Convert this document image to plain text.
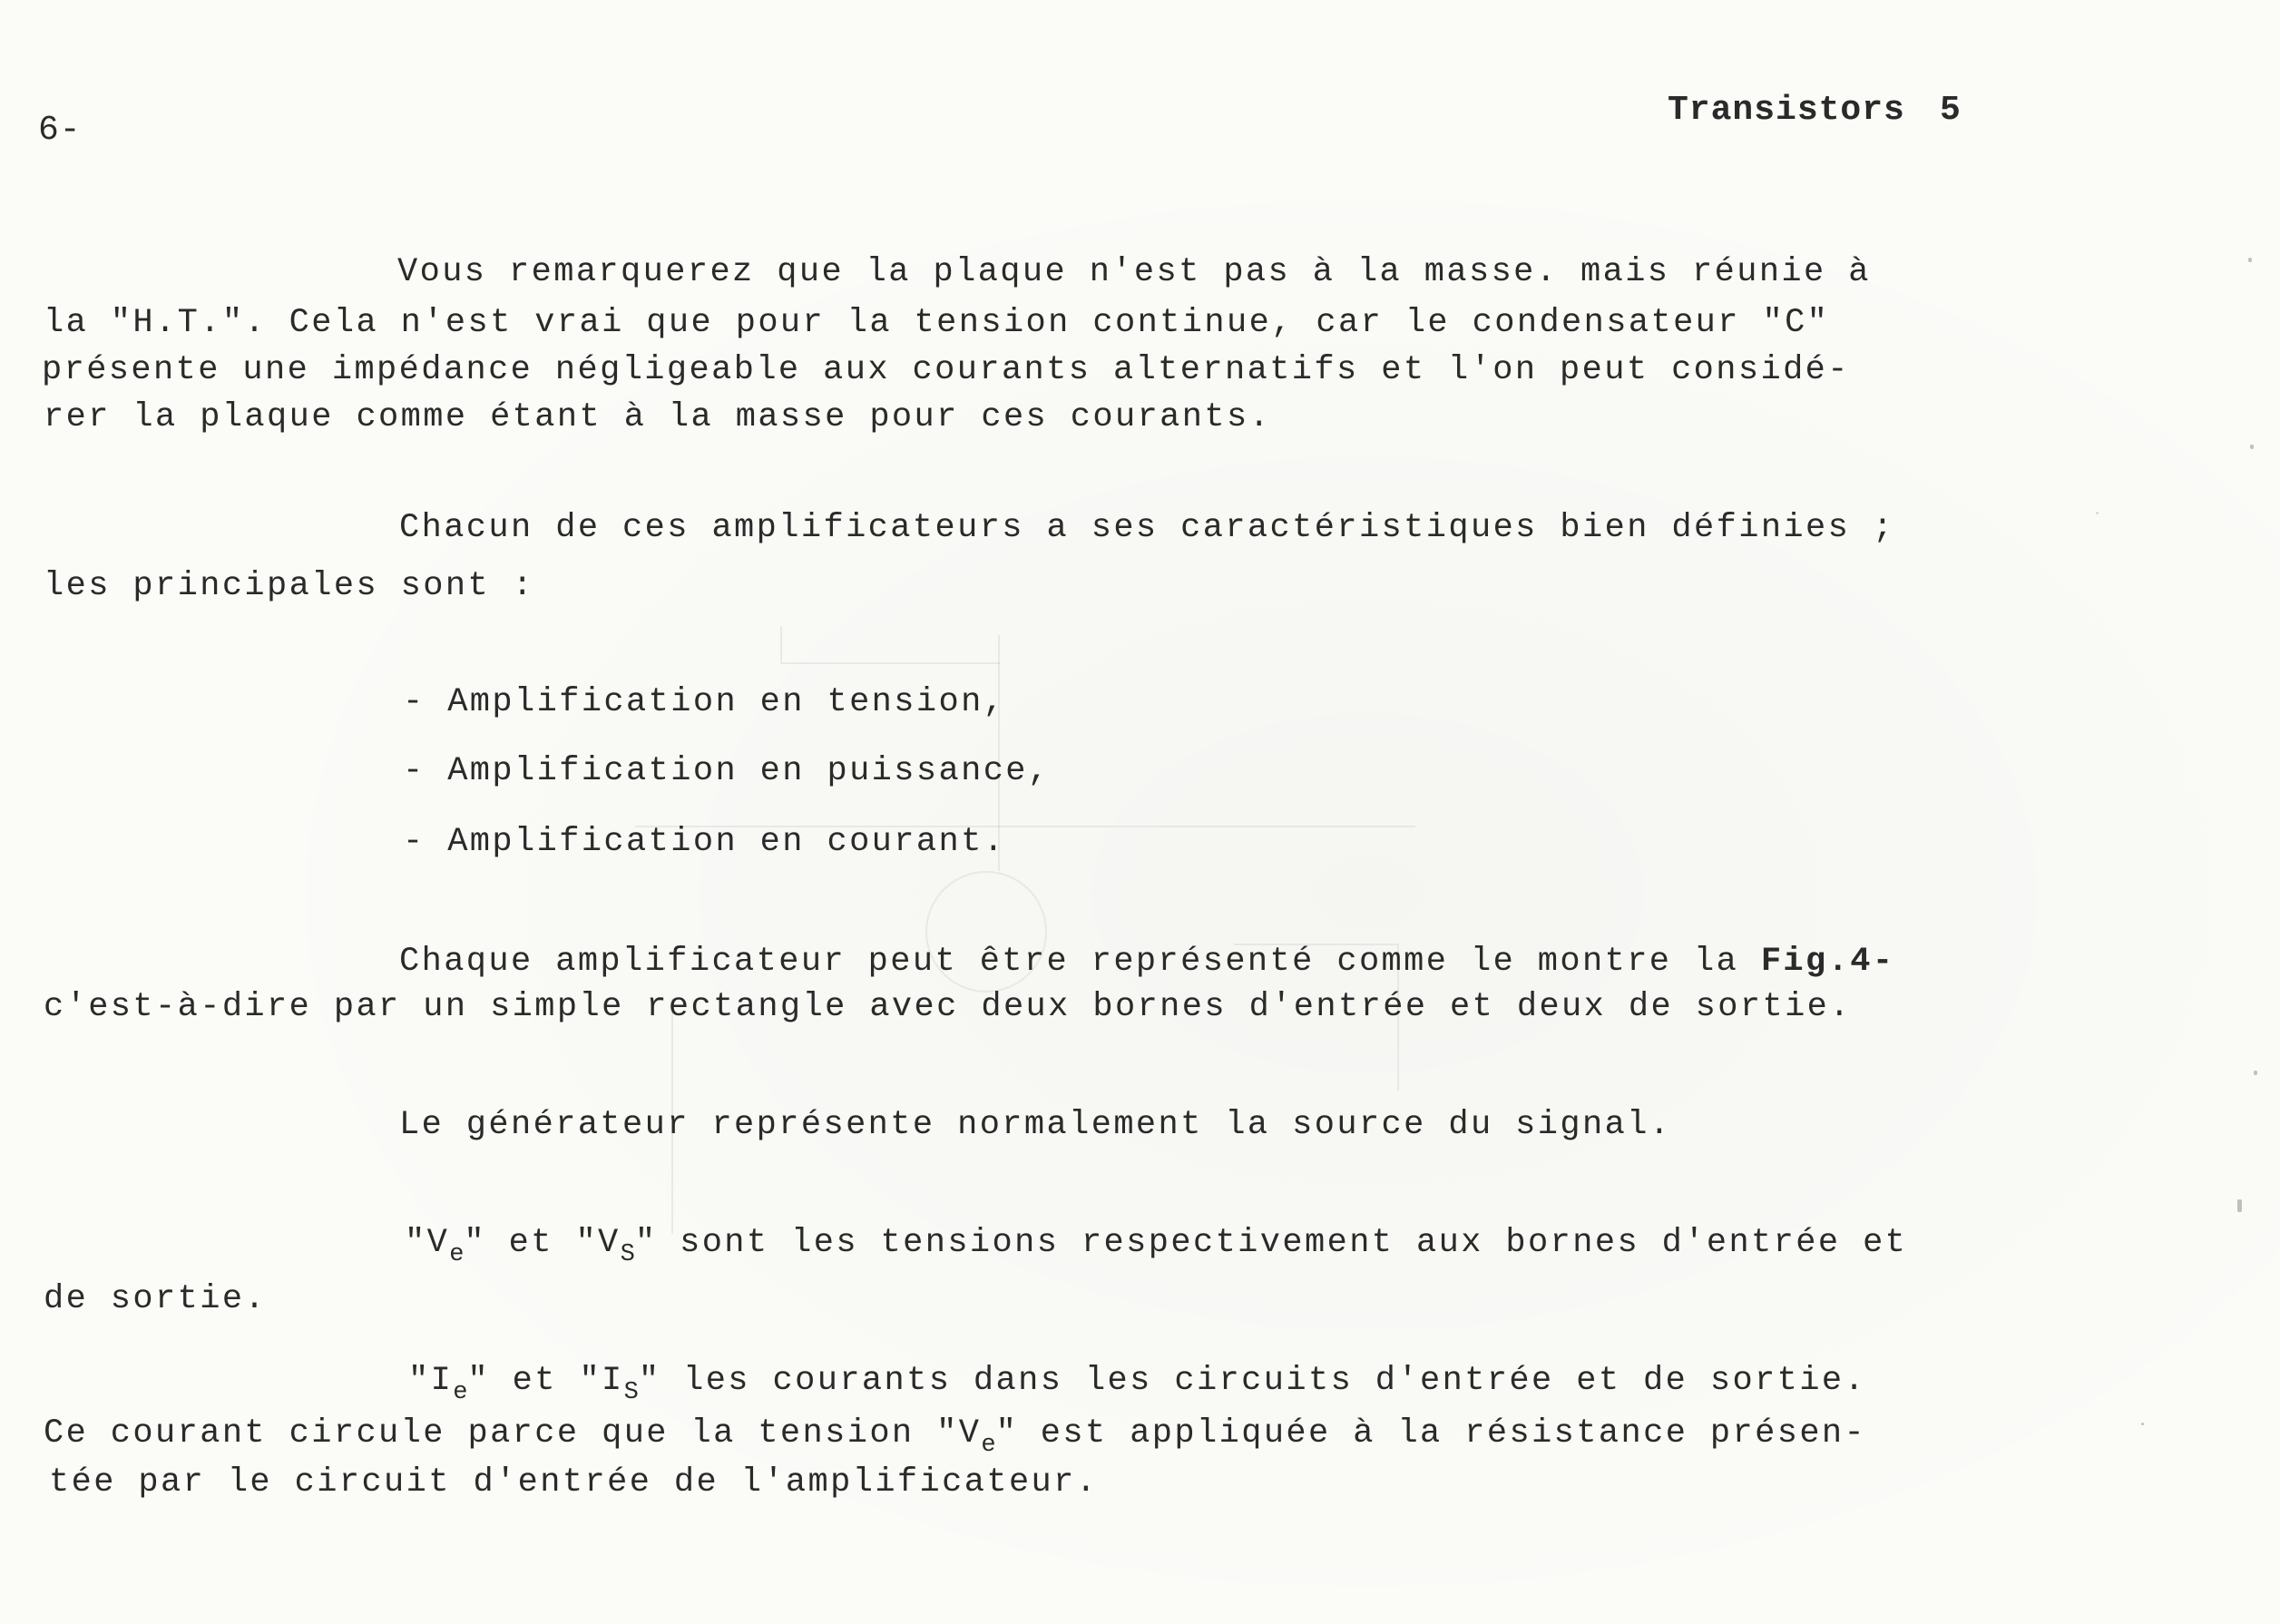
6-
Transistors 5
Vous remarquerez que la plaque n'est pas à la masse. mais réunie à
la "H.T.". Cela n'est vrai que pour la tension continue, car le condensateur "C"
présente une impédance négligeable aux courants alternatifs et l'on peut considé-
rer la plaque comme étant à la masse pour ces courants.
Chacun de ces amplificateurs a ses caractéristiques bien définies ;
les principales sont :
- Amplification en tension,
- Amplification en puissance,
- Amplification en courant.
Chaque amplificateur peut être représenté comme le montre la Fig.4-
c'est-à-dire par un simple rectangle avec deux bornes d'entrée et deux de sortie.
Le générateur représente normalement la source du signal.
"$V_e$" et "$V_S$" sont les tensions respectivement aux bornes d'entrée et
de sortie.
"$I_e$" et "$I_S$" les courants dans les circuits d'entrée et de sortie.
Ce courant circule parce que la tension "$V_e$" est appliquée à la résistance présen-
tée par le circuit d'entrée de l'amplificateur.
